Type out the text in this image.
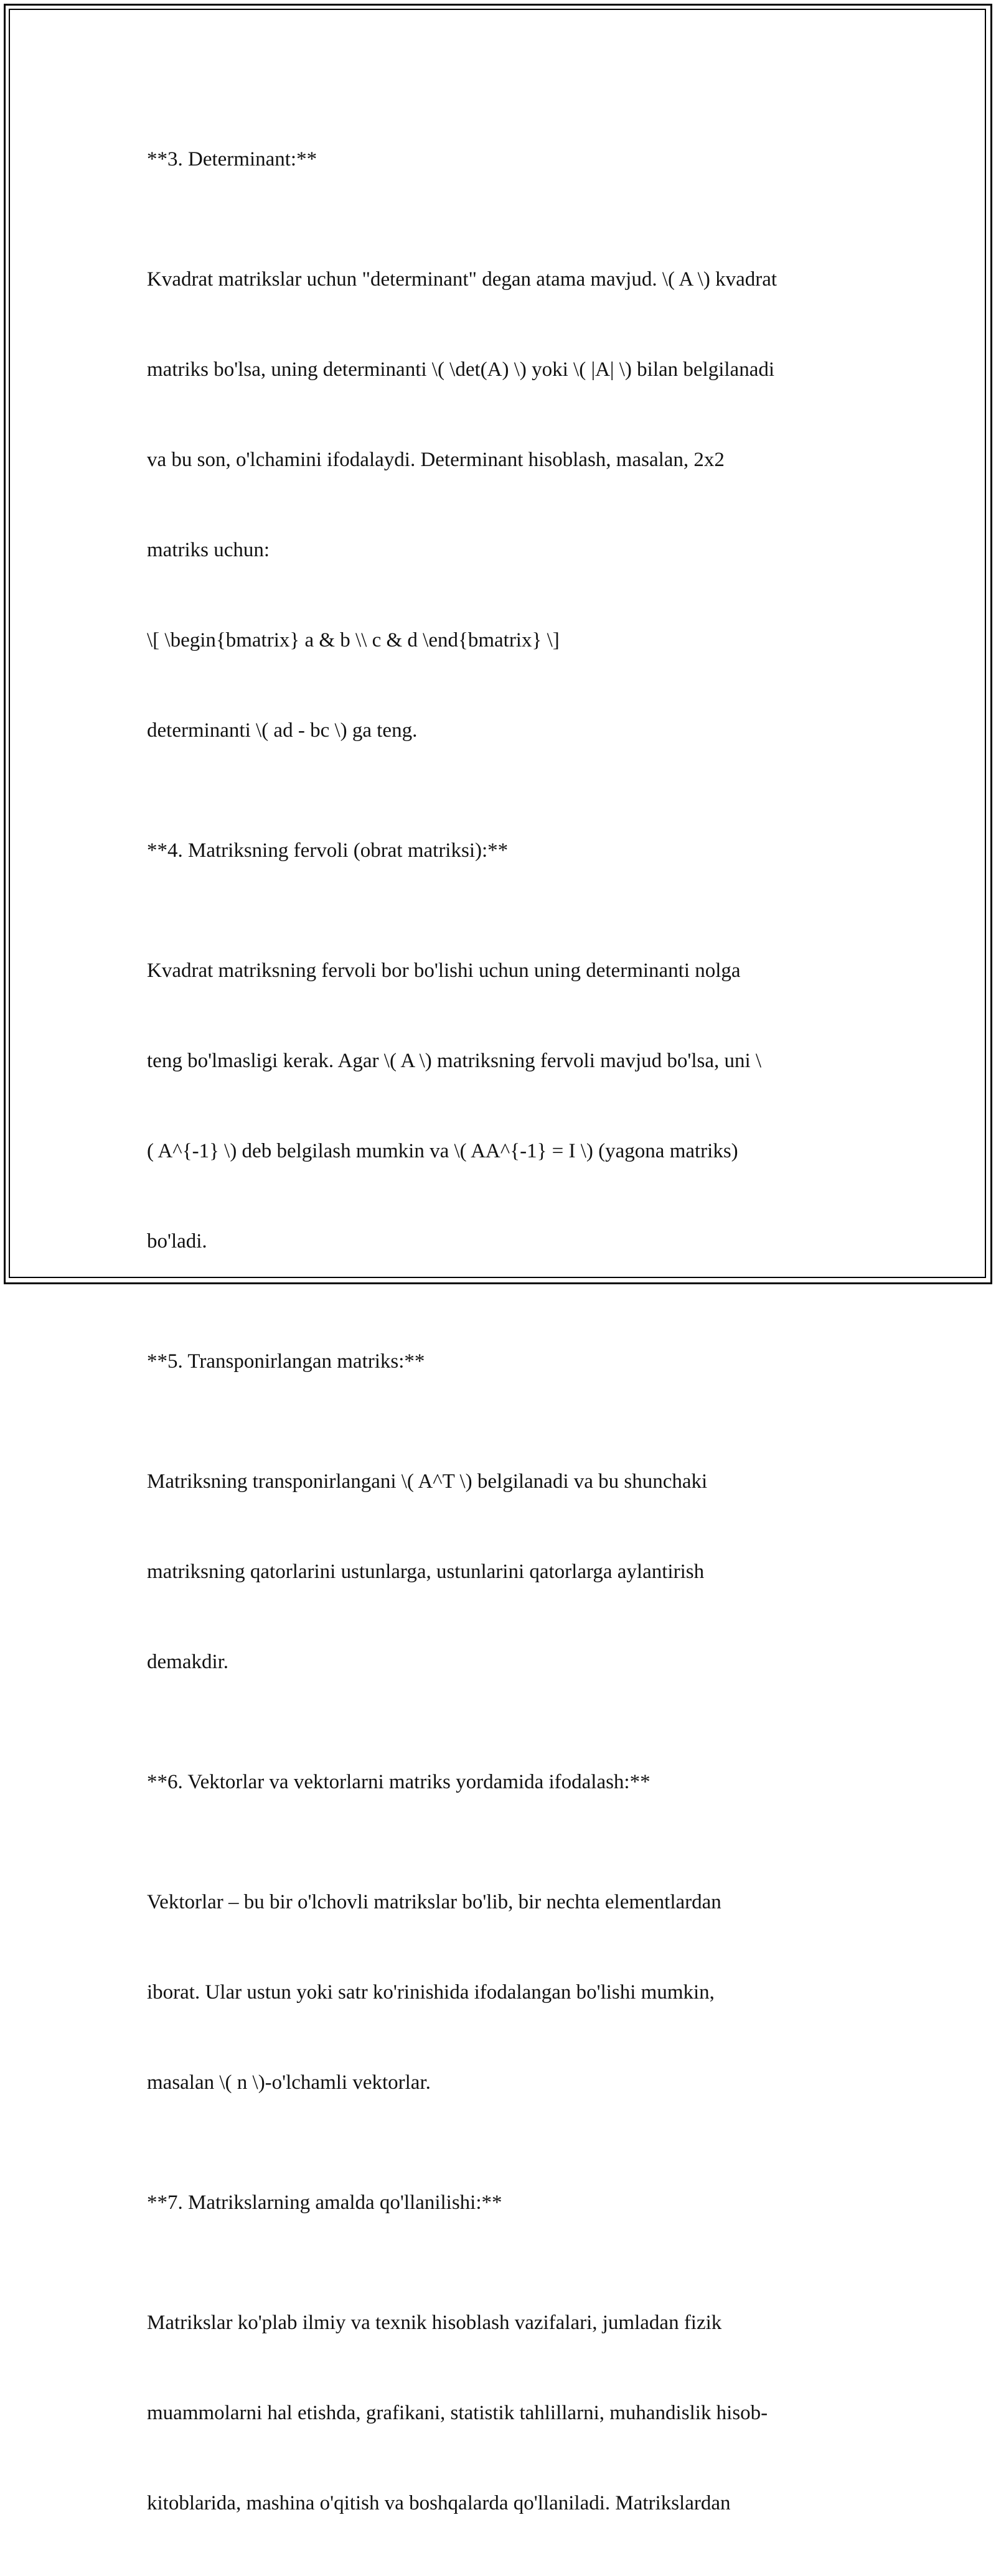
**3. Determinant:**

Kvadrat matrikslar uchun "determinant" degan atama mavjud. \( A \) kvadrat

matriks bo'lsa, uning determinanti \( \det(A) \) yoki \( |A| \) bilan belgilanadi

va bu son, o'lchamini ifodalaydi. Determinant hisoblash, masalan, 2x2

matriks uchun:

\[ \begin{bmatrix} a & b \\ c & d \end{bmatrix} \]

determinanti \( ad - bc \) ga teng.

**4. Matriksning fervoli (obrat matriksi):**

Kvadrat matriksning fervoli bor bo'lishi uchun uning determinanti nolga

teng bo'lmasligi kerak. Agar \( A \) matriksning fervoli mavjud bo'lsa, uni \

( A^{-1} \) deb belgilash mumkin va \( AA^{-1} = I \) (yagona matriks)

bo'ladi.

**5. Transponirlangan matriks:**

Matriksning transponirlangani \( A^T \) belgilanadi va bu shunchaki

matriksning qatorlarini ustunlarga, ustunlarini qatorlarga aylantirish

demakdir.

**6. Vektorlar va vektorlarni matriks yordamida ifodalash:**

Vektorlar – bu bir o'lchovli matrikslar bo'lib, bir nechta elementlardan

iborat. Ular ustun yoki satr ko'rinishida ifodalangan bo'lishi mumkin,

masalan \( n \)-o'lchamli vektorlar.

**7. Matrikslarning amalda qo'llanilishi:**

Matrikslar ko'plab ilmiy va texnik hisoblash vazifalari, jumladan fizik

muammolarni hal etishda, grafikani, statistik tahlillarni, muhandislik hisob-

kitoblarida, mashina o'qitish va boshqalarda qo'llaniladi. Matrikslardan
